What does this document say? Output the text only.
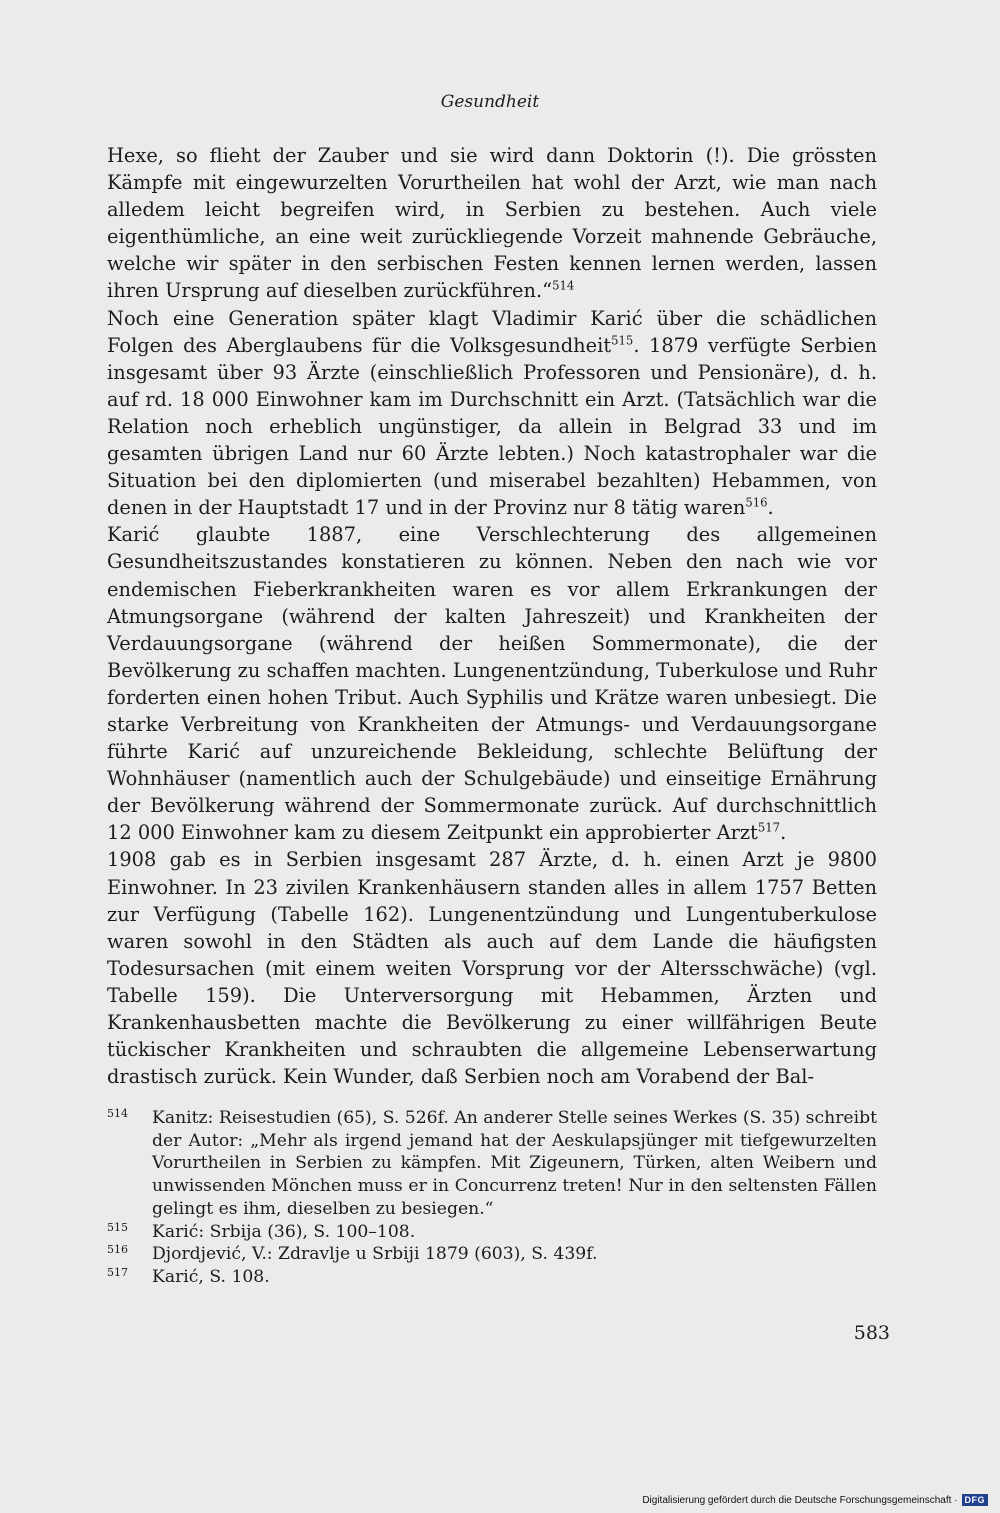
Gesundheit

Hexe, so flieht der Zauber und sie wird dann Doktorin (!). Die grössten Kämpfe mit eingewurzelten Vorurtheilen hat wohl der Arzt, wie man nach alledem leicht begreifen wird, in Serbien zu bestehen. Auch viele eigenthümliche, an eine weit zurückliegende Vorzeit mahnende Gebräuche, welche wir später in den serbischen Festen kennen lernen werden, lassen ihren Ursprung auf dieselben zurückführen.“$^{514}$

Noch eine Generation später klagt Vladimir Karić über die schädlichen Folgen des Aberglaubens für die Volksgesundheit$^{515}$. 1879 verfügte Serbien insgesamt über 93 Ärzte (einschließlich Professoren und Pensionäre), d. h. auf rd. 18 000 Einwohner kam im Durchschnitt ein Arzt. (Tatsächlich war die Relation noch erheblich ungünstiger, da allein in Belgrad 33 und im gesamten übrigen Land nur 60 Ärzte lebten.) Noch katastrophaler war die Situation bei den diplomierten (und miserabel bezahlten) Hebammen, von denen in der Hauptstadt 17 und in der Provinz nur 8 tätig waren$^{516}$.

Karić glaubte 1887, eine Verschlechterung des allgemeinen Gesundheitszustandes konstatieren zu können. Neben den nach wie vor endemischen Fieberkrankheiten waren es vor allem Erkrankungen der Atmungsorgane (während der kalten Jahreszeit) und Krankheiten der Verdauungsorgane (während der heißen Sommermonate), die der Bevölkerung zu schaffen machten. Lungenentzündung, Tuberkulose und Ruhr forderten einen hohen Tribut. Auch Syphilis und Krätze waren unbesiegt. Die starke Verbreitung von Krankheiten der Atmungs- und Verdauungsorgane führte Karić auf unzureichende Bekleidung, schlechte Belüftung der Wohnhäuser (namentlich auch der Schulgebäude) und einseitige Ernährung der Bevölkerung während der Sommermonate zurück. Auf durchschnittlich 12 000 Einwohner kam zu diesem Zeitpunkt ein approbierter Arzt$^{517}$.

1908 gab es in Serbien insgesamt 287 Ärzte, d. h. einen Arzt je 9800 Einwohner. In 23 zivilen Krankenhäusern standen alles in allem 1757 Betten zur Verfügung (Tabelle 162). Lungenentzündung und Lungentuberkulose waren sowohl in den Städten als auch auf dem Lande die häufigsten Todesursachen (mit einem weiten Vorsprung vor der Altersschwäche) (vgl. Tabelle 159). Die Unterversorgung mit Hebammen, Ärzten und Krankenhausbetten machte die Bevölkerung zu einer willfährigen Beute tückischer Krankheiten und schraubten die allgemeine Lebenserwartung drastisch zurück. Kein Wunder, daß Serbien noch am Vorabend der Bal-

514	Kanitz: Reisestudien (65), S. 526f. An anderer Stelle seines Werkes (S. 35) schreibt der Autor: „Mehr als irgend jemand hat der Aeskulapsjünger mit tiefgewurzelten Vorurtheilen in Serbien zu kämpfen. Mit Zigeunern, Türken, alten Weibern und unwissenden Mönchen muss er in Concurrenz treten! Nur in den seltensten Fällen gelingt es ihm, dieselben zu besiegen.“
515	Karić: Srbija (36), S. 100–108.
516	Djordjević, V.: Zdravlje u Srbiji 1879 (603), S. 439f.
517	Karić, S. 108.
583
Digitalisierung gefördert durch die Deutsche Forschungsgemeinschaft · DFG
